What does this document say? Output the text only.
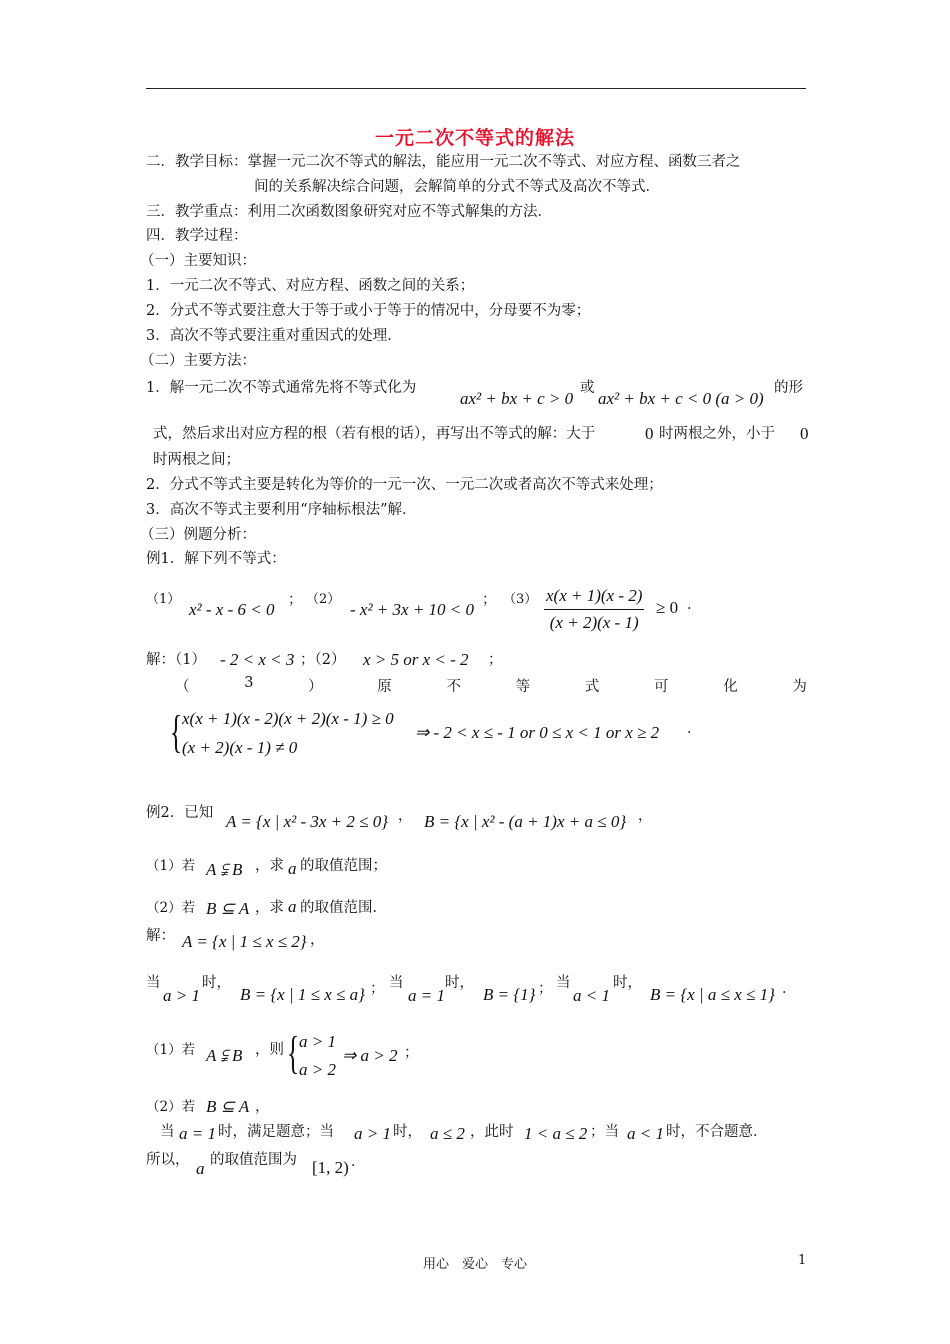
一元二次不等式的解法
二．教学目标：掌握一元二次不等式的解法，能应用一元二次不等式、对应方程、函数三者之
间的关系解决综合问题，会解简单的分式不等式及高次不等式．
三．教学重点：利用二次函数图象研究对应不等式解集的方法．
四．教学过程：
（一）主要知识：
1．一元二次不等式、对应方程、函数之间的关系；
2．分式不等式要注意大于等于或小于等于的情况中，分母要不为零；
3．高次不等式要注重对重因式的处理．
（二）主要方法：
1．解一元二次不等式通常先将不等式化为
ax² + bx + c > 0
或
ax² + bx + c < 0 (a > 0)
的形
式，然后求出对应方程的根（若有根的话），再写出不等式的解：大于	0 时两根之外，小于 0
时两根之间；
2．分式不等式主要是转化为等价的一元一次、一元二次或者高次不等式来处理；
3．高次不等式主要利用“序轴标根法”解．
（三）例题分析：
例1．解下列不等式：
（1）
x² - x - 6 < 0 ； （2）
- x² + 3x + 10 < 0 ； $(3) \frac{x(x + 1)(x - 2)}{(x + 2)(x - 1)} \ge 0$ ．
解：（1） - 2 < x < 3 ；（2） x > 5 or x < - 2 ；
（	3	）	原	不	等	式	可	化	为
{ x(x + 1)(x - 2)(x + 2)(x - 1) ≥ 0
(x + 2)(x - 1) ≠ 0
⇒ - 2 < x ≤ - 1 or 0 ≤ x < 1 or x ≥ 2 ．
例2．已知 A = {x | x² - 3x + 2 ≤ 0} ， B = {x | x² - (a + 1)x + a ≤ 0} ，
（1）若 A ⫋ B ，求 a 的取值范围；
（2）若 B ⊆ A ，求 a 的取值范围．
解： A = {x | 1 ≤ x ≤ 2} ，
当
a > 1
时，
B = {x | 1 ≤ x ≤ a} ； 当
a = 1
时，
B = {1} ； 当
a < 1
时，
B = {x | a ≤ x ≤ 1} ．
（1）若 A ⫋ B ，则 { a > 1
a > 2
⇒ a > 2 ；
（2）若 B ⊆ A ，
当 a = 1 时，满足题意；当 a > 1 时， a ≤ 2 ，此时 1 < a ≤ 2 ；当 a < 1 时，不合题意．
所以， a 的取值范围为 [1, 2) ．
用心　爱心　专心	1
